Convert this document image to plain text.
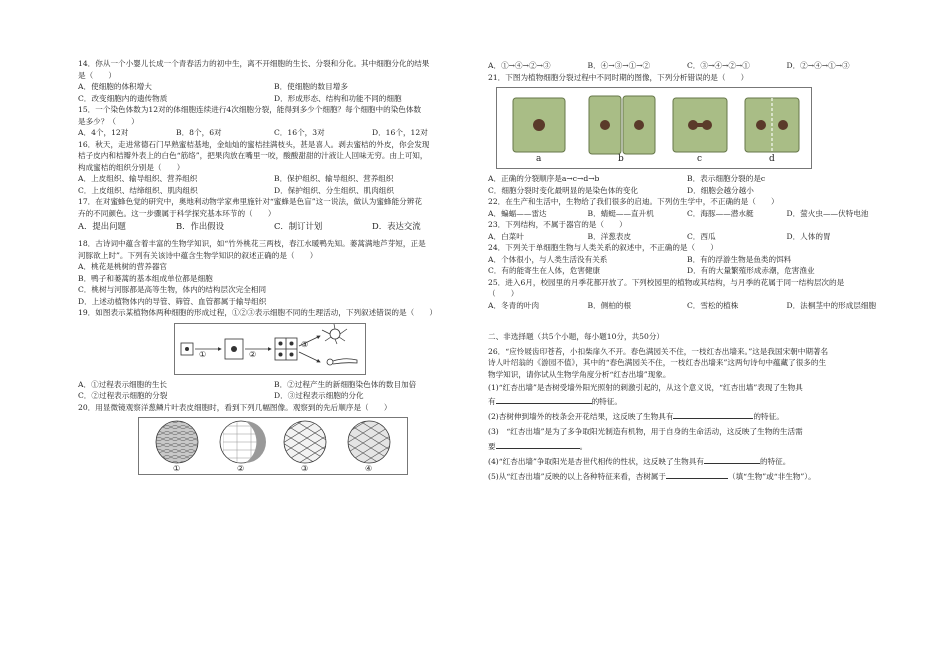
14．你从一个小婴儿长成一个青春活力的初中生，离不开细胞的生长、分裂和分化。其中细胞分化的结果

是（　　）

A．使细胞的体积增大	B．使细胞的数目增多
C．改变细胞内的遗传物质	D．形成形态、结构和功能不同的细胞

15．一个染色体数为12对的体细胞连续进行4次细胞分裂，能得到多少个细胞？每个细胞中的染色体数

是多少？（　　）

A．4个，12对	B．8个，6对	C．16个，3对	D．16个，12对

16．秋天，走进常德石门早熟蜜桔基地，金灿灿的蜜桔挂满枝头，甚是喜人。剥去蜜桔的外皮，你会发现

桔子皮内和桔瓣外表上的白色“筋络”，把果肉放在嘴里一咬，酸酸甜甜的汁液让人回味无穷。由上可知，

构成蜜桔的组织分别是（　　）

A．上皮组织、输导组织、营养组织	B．保护组织、输导组织、营养组织
C．上皮组织、结缔组织、肌肉组织	D．保护组织、分生组织、肌肉组织

17．在对蜜蜂色觉的研究中，奥地利动物学家弗里施针对“蜜蜂是色盲”这一说法，做认为蜜蜂能分辨花

卉的不同颜色。这一步骤属于科学探究基本环节的（　　）

A．提出问题	B．作出假设	C．制订计划	D．表达交流

18．古诗词中蕴含着丰富的生物学知识，如“竹外桃花三两枝，春江水暖鸭先知。蒌蒿满地芦芽短，正是

河豚欲上时”。下列有关该诗中蕴含生物学知识的叙述正确的是（　　）

A．桃花是桃树的营养器官

B．鸭子和蒌蒿的基本组成单位都是细胞

C．桃树与河豚都是高等生物，体内的结构层次完全相同

D．上述动植物体内的导管、筛管、血管都属于输导组织

19．如图表示某植物体两种细胞的形成过程，①②③表示细胞不同的生理活动，下列叙述错误的是（　　）

①	②
③
A．①过程表示细胞的生长	B．②过程产生的新细胞染色体的数目加倍
C．②过程表示细胞的分裂	D．③过程表示细胞的分化

20．用显微镜观察洋葱鳞片叶表皮细胞时，看到下列几幅图像。观察到的先后顺序是（　　）

①	②	③	④
A．①→④→②→③	B．④→③→①→②	C．③→④→②→①	D．②→④→①→③

21．下图为植物细胞分裂过程中不同时期的图像，下列分析错误的是（　　）

a	b	c	d
A．正确的分裂顺序是a→c→d→b	B．表示细胞分裂的是c
C．细胞分裂时变化最明显的是染色体的变化	D．细胞会越分越小

22．在生产和生活中，生物给了我们很多的启迪。下列仿生学中，不正确的是（　　）

A．蝙蝠——雷达	B．蜻蜓——直升机	C．海豚——潜水艇	D．萤火虫——伏特电池

23．下列结构，不属于器官的是（　　）

A．白菜叶	B．洋葱表皮	C．西瓜	D．人体的胃

24．下列关于单细胞生物与人类关系的叙述中，不正确的是（　　）

A．个体很小，与人类生活没有关系	B．有的浮游生物是鱼类的饵料
C．有的能寄生在人体，危害健康	D．有的大量繁殖形成赤潮，危害渔业

25．进入6月，校园里的月季花都开放了。下列校园里的植物或其结构，与月季的花属于同一结构层次的是

（　　）

A．冬青的叶肉	B．侧柏的根	C．雪松的植株	D．法桐茎中的形成层细胞

二、非选择题（共5个小题，每小题10分，共50分）

26．“应怜屐齿印苍苔，小扣柴扉久不开。春色满园关不住，一枝红杏出墙来。”这是我国宋朝中期著名

诗人叶绍翁的《游园不值》，其中的“春色满园关不住，一枝红杏出墙来”这两句诗句中蕴藏了很多的生

物学知识，请你试从生物学角度分析“红杏出墙”现象。

(1)“红杏出墙”是杏树受墙外阳光照射的刺激引起的，从这个意义说，“红杏出墙”表现了生物具

有	的特征。

(2)杏树伸到墙外的枝条会开花结果，这反映了生物具有	的特征。

(3)　“红杏出墙”是为了多争取阳光制造有机物，用于自身的生命活动，这反映了生物的生活需

要	。

(4)“红杏出墙”争取阳光是杏世代相传的性状，这反映了生物具有	的特征。

(5)从“红杏出墙”反映的以上各种特征来看，杏树属于	（填“生物”或“非生物”）。
